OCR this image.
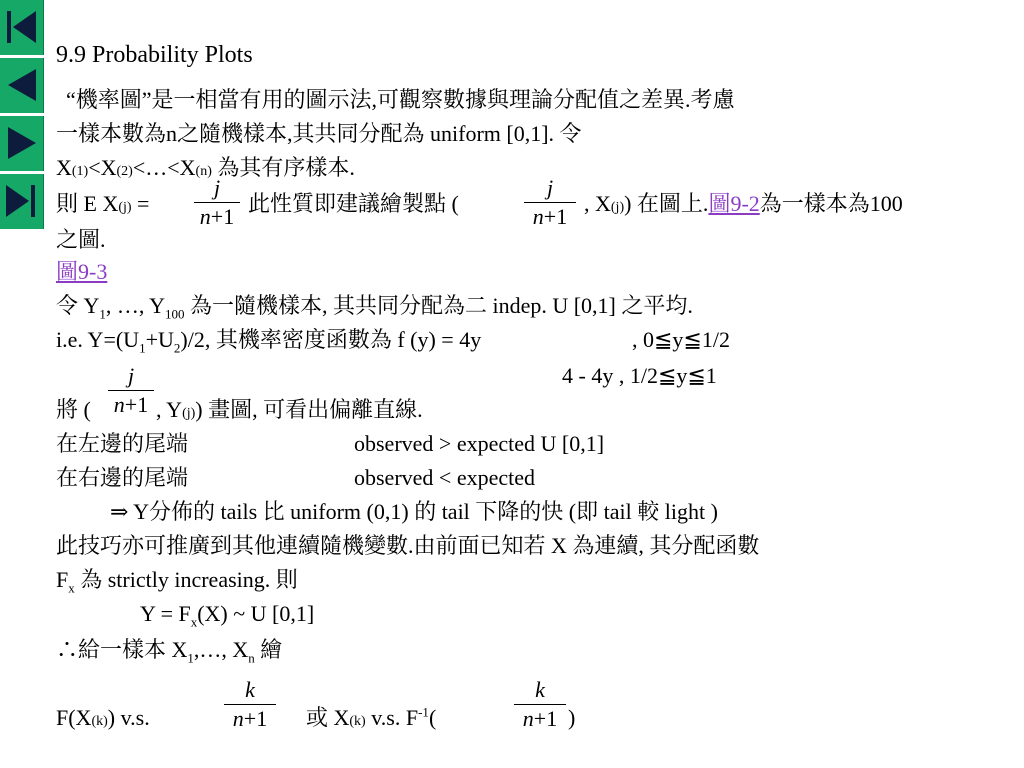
9.9 Probability Plots
“機率圖”是一相當有用的圖示法,可觀察數據與理論分配值之差異.考慮
一樣本數為n之隨機樣本,其共同分配為 uniform [0,1]. 令
X(1)<X(2)<…<X(n) 為其有序樣本.
則 E X(j) =
j
n+1
此性質即建議繪製點 (
j
n+1
, X(j)) 在圖上.圖9-2為一樣本為100
之圖.
圖9-3
令 $Y_1$, …, $Y_{100}$ 為一隨機樣本, 其共同分配為二 indep. U [0,1] 之平均.
i.e. $Y=(U_1+U_2)/2$, 其機率密度函數為 f (y) = 4y	, 0≦y≦1/2
4 - 4y , 1/2≦y≦1
j
n+1
將 (	, Y(j)) 畫圖, 可看出偏離直線.
在左邊的尾端	observed > expected U [0,1]
在右邊的尾端	observed < expected
⇒ Y分佈的 tails 比 uniform (0,1) 的 tail 下降的快 (即 tail 較 light )
此技巧亦可推廣到其他連續隨機變數.由前面已知若 X 為連續, 其分配函數
$F_x$ 為 strictly increasing. 則
$Y = F_x(X)$ ~ U [0,1]
∴給一樣本 $X_1,\dots$, $X_n$ 繪
F(X(k)) v.s.
k
n+1	或 X(k) v.s. $F^{-1}$(
k
n+1 )
